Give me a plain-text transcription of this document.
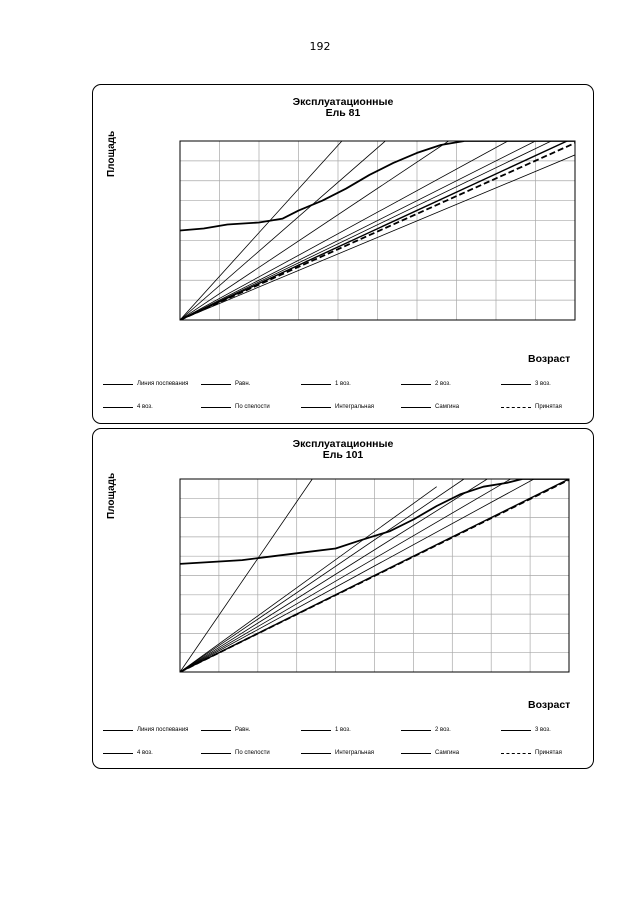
192
Эксплуатационные
Ель 81
Площадь
Возраст
Линия поспевания	Равн.	1 воз.	2 воз.	3 воз.
4 воз.	По спелости	Интегральная	Самгина	Принятая
Эксплуатационные
Ель 101
Площадь
Возраст
Линия поспевания	Равн.	1 воз.	2 воз.	3 воз.
4 воз.	По спелости	Интегральная	Самгина	Принятая
